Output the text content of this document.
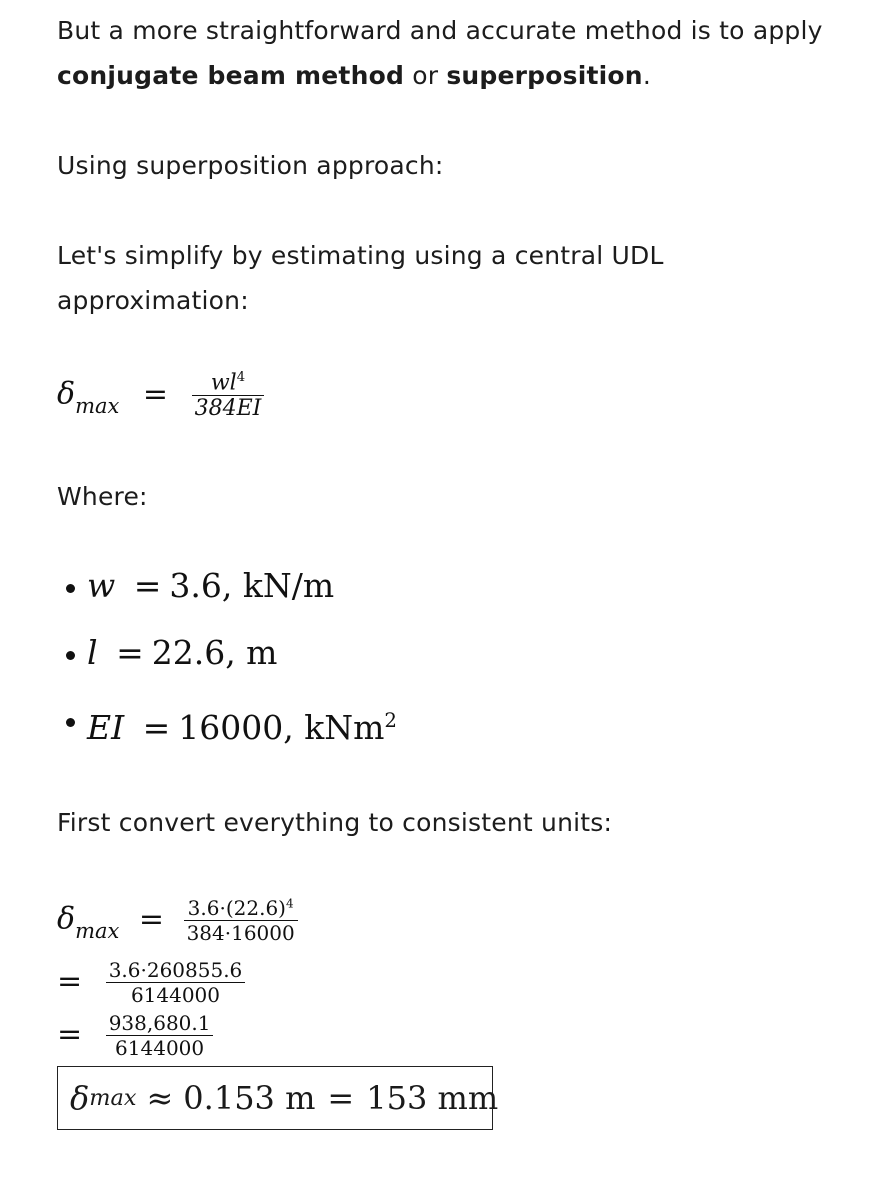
But a more straightforward and accurate method is to apply conjugate beam method or superposition.

Using superposition approach:

Let's simplify by estimating using a central UDL approximation:

$\delta_{max} = \frac{wl^4}{384EI}$

Where:

w = 3.6, kN/m
l = 22.6, m
EI = 16000, kNm$^2$

First convert everything to consistent units:

$\delta_{max} = \frac{3.6\cdot(22.6)^4}{384\cdot 16000}$
= $\frac{3.6\cdot 260855.6}{6144000}$
= $\frac{938,680.1}{6144000}$
δ max ≈ 0.153 m = 153 mm
